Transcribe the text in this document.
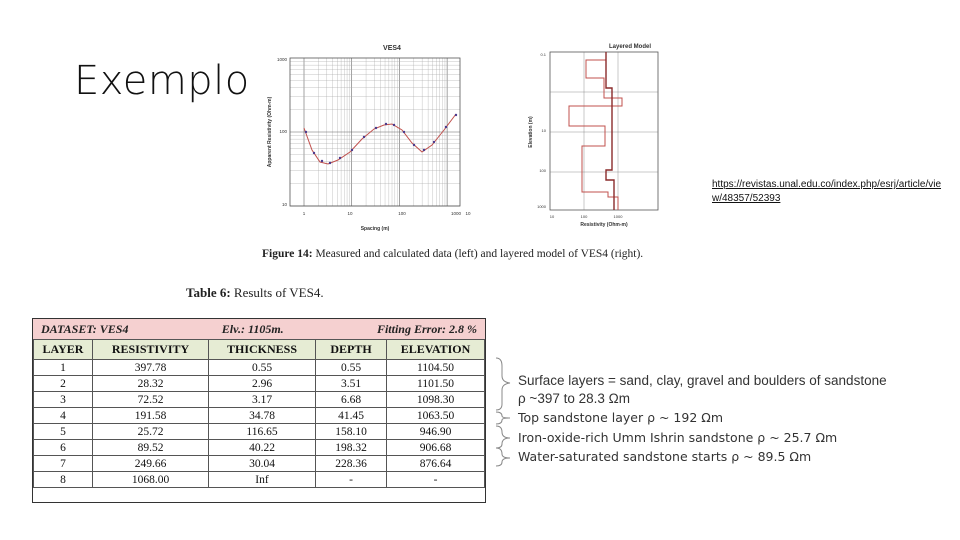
Exemplo
VES4
1000
100
10
1	10	100	1000 10
Spacing (m)
Apparent Resistivity (Ohm-m)
Layered Model
0.1
10
100
1000
10	100	1000
Resistivity (Ohm-m)
Elevation (m)
https://revistas.unal.edu.co/index.php/esrj/article/view/48357/52393
Figure 14: Measured and calculated data (left) and layered model of VES4 (right).
Table 6: Results of VES4.
DATASET: VES4	Elv.: 1105m.	Fitting Error: 2.8 %
LAYER	RESISTIVITY	THICKNESS	DEPTH	ELEVATION
1	397.78	0.55	0.55	1104.50
2	28.32	2.96	3.51	1101.50
3	72.52	3.17	6.68	1098.30
4	191.58	34.78	41.45	1063.50
5	25.72	116.65	158.10	946.90
6	89.52	40.22	198.32	906.68
7	249.66	30.04	228.36	876.64
8	1068.00	Inf	-	-
Surface layers = sand, clay, gravel and boulders of sandstone ρ ~397 to 28.3 Ωm
Top sandstone layer ρ ~ 192 Ωm
Iron-oxide-rich Umm Ishrin sandstone ρ ~ 25.7 Ωm
Water-saturated sandstone starts ρ ~ 89.5 Ωm
